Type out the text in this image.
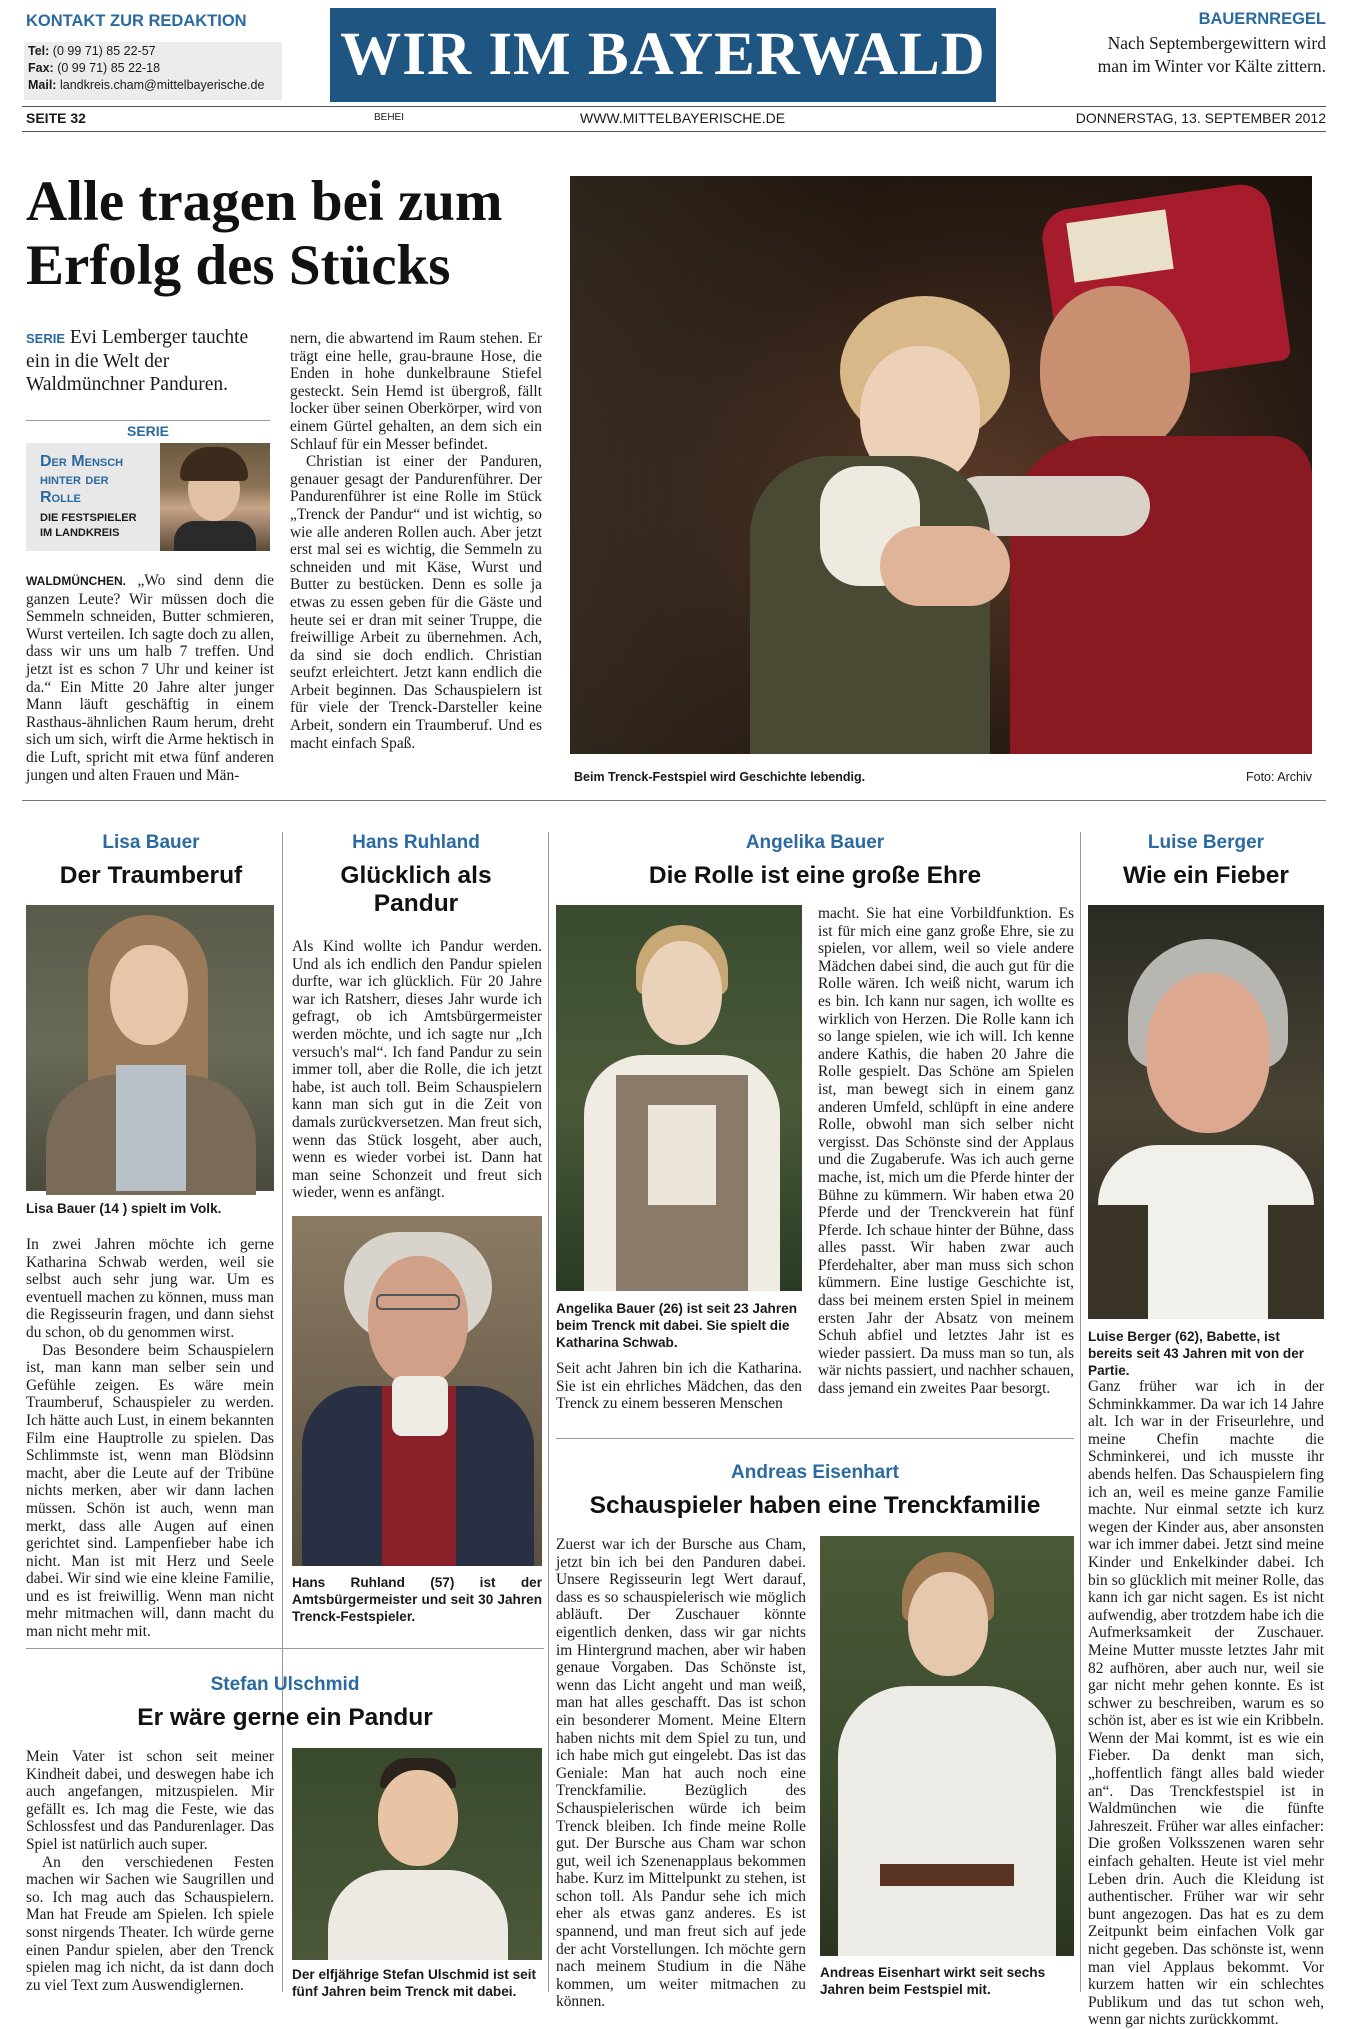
KONTAKT ZUR REDAKTION
Tel: (0 99 71) 85 22-57
Fax: (0 99 71) 85 22-18
Mail: landkreis.cham@mittelbayerische.de WIR IM BAYERWALD
BAUERNREGEL
Nach Septembergewittern wird man im Winter vor Kälte zittern.
SEITE 32	BEHEI	WWW.MITTELBAYERISCHE.DE	DONNERSTAG, 13. SEPTEMBER 2012
Alle tragen bei zum Erfolg des Stücks
SERIE Evi Lemberger tauchte ein in die Welt der Waldmünchner Panduren.
SERIE
Der Mensch hinter der Rolle
DIE FESTSPIELER IM LANDKREIS

WALDMÜNCHEN. „Wo sind denn die ganzen Leute? Wir müssen doch die Semmeln schneiden, Butter schmieren, Wurst verteilen. Ich sagte doch zu allen, dass wir uns um halb 7 treffen. Und jetzt ist es schon 7 Uhr und keiner ist da.“ Ein Mitte 20 Jahre alter junger Mann läuft geschäftig in einem Rasthaus-ähnlichen Raum herum, dreht sich um sich, wirft die Arme hektisch in die Luft, spricht mit etwa fünf anderen jungen und alten Frauen und Män-

nern, die abwartend im Raum stehen. Er trägt eine helle, grau-braune Hose, die Enden in hohe dunkelbraune Stiefel gesteckt. Sein Hemd ist übergroß, fällt locker über seinen Oberkörper, wird von einem Gürtel gehalten, an dem sich ein Schlauf für ein Messer befindet.

Christian ist einer der Panduren, genauer gesagt der Pandurenführer. Der Pandurenführer ist eine Rolle im Stück „Trenck der Pandur“ und ist wichtig, so wie alle anderen Rollen auch. Aber jetzt erst mal sei es wichtig, die Semmeln zu schneiden und mit Käse, Wurst und Butter zu bestücken. Denn es solle ja etwas zu essen geben für die Gäste und heute sei er dran mit seiner Truppe, die freiwillige Arbeit zu übernehmen. Ach, da sind sie doch endlich. Christian seufzt erleichtert. Jetzt kann endlich die Arbeit beginnen. Das Schauspielern ist für viele der Trenck-Darsteller keine Arbeit, sondern ein Traumberuf. Und es macht einfach Spaß.

Beim Trenck-Festspiel wird Geschichte lebendig.	Foto: Archiv
Lisa Bauer
Der Traumberuf
Lisa Bauer (14 ) spielt im Volk.

In zwei Jahren möchte ich gerne Katharina Schwab werden, weil sie selbst auch sehr jung war. Um es eventuell machen zu können, muss man die Regisseurin fragen, und dann siehst du schon, ob du genommen wirst.

Das Besondere beim Schauspielern ist, man kann man selber sein und Gefühle zeigen. Es wäre mein Traumberuf, Schauspieler zu werden. Ich hätte auch Lust, in einem bekannten Film eine Hauptrolle zu spielen. Das Schlimmste ist, wenn man Blödsinn macht, aber die Leute auf der Tribüne nichts merken, aber wir dann lachen müssen. Schön ist auch, wenn man merkt, dass alle Augen auf einen gerichtet sind. Lampenfieber habe ich nicht. Man ist mit Herz und Seele dabei. Wir sind wie eine kleine Familie, und es ist freiwillig. Wenn man nicht mehr mitmachen will, dann macht du man nicht mehr mit.

Hans Ruhland
Glücklich als Pandur

Als Kind wollte ich Pandur werden. Und als ich endlich den Pandur spielen durfte, war ich glücklich. Für 20 Jahre war ich Ratsherr, dieses Jahr wurde ich gefragt, ob ich Amtsbürgermeister werden möchte, und ich sagte nur „Ich versuch's mal“. Ich fand Pandur zu sein immer toll, aber die Rolle, die ich jetzt habe, ist auch toll. Beim Schauspielern kann man sich gut in die Zeit von damals zurückversetzen. Man freut sich, wenn das Stück losgeht, aber auch, wenn es wieder vorbei ist. Dann hat man seine Schonzeit und freut sich wieder, wenn es anfängt.

Hans Ruhland (57) ist der Amtsbürgermeister und seit 30 Jahren Trenck-Festspieler.
Angelika Bauer
Die Rolle ist eine große Ehre
Angelika Bauer (26) ist seit 23 Jahren beim Trenck mit dabei. Sie spielt die Katharina Schwab.

Seit acht Jahren bin ich die Katharina. Sie ist ein ehrliches Mädchen, das den Trenck zu einem besseren Menschen

macht. Sie hat eine Vorbildfunktion. Es ist für mich eine ganz große Ehre, sie zu spielen, vor allem, weil so viele andere Mädchen dabei sind, die auch gut für die Rolle wären. Ich weiß nicht, warum ich es bin. Ich kann nur sagen, ich wollte es wirklich von Herzen. Die Rolle kann ich so lange spielen, wie ich will. Ich kenne andere Kathis, die haben 20 Jahre die Rolle gespielt. Das Schöne am Spielen ist, man bewegt sich in einem ganz anderen Umfeld, schlüpft in eine andere Rolle, obwohl man sich selber nicht vergisst. Das Schönste sind der Applaus und die Zugaberufe. Was ich auch gerne mache, ist, mich um die Pferde hinter der Bühne zu kümmern. Wir haben etwa 20 Pferde und der Trenckverein hat fünf Pferde. Ich schaue hinter der Bühne, dass alles passt. Wir haben zwar auch Pferdehalter, aber man muss sich schon kümmern. Eine lustige Geschichte ist, dass bei meinem ersten Spiel in meinem ersten Jahr der Absatz von meinem Schuh abfiel und letztes Jahr ist es wieder passiert. Da muss man so tun, als wär nichts passiert, und nachher schauen, dass jemand ein zweites Paar besorgt.

Andreas Eisenhart
Schauspieler haben eine Trenckfamilie

Zuerst war ich der Bursche aus Cham, jetzt bin ich bei den Panduren dabei. Unsere Regisseurin legt Wert darauf, dass es so schauspielerisch wie möglich abläuft. Der Zuschauer könnte eigentlich denken, dass wir gar nichts im Hintergrund machen, aber wir haben genaue Vorgaben. Das Schönste ist, wenn das Licht angeht und man weiß, man hat alles geschafft. Das ist schon ein besonderer Moment. Meine Eltern haben nichts mit dem Spiel zu tun, und ich habe mich gut eingelebt. Das ist das Geniale: Man hat auch noch eine Trenckfamilie. Bezüglich des Schauspielerischen würde ich beim Trenck bleiben. Ich finde meine Rolle gut. Der Bursche aus Cham war schon gut, weil ich Szenenapplaus bekommen habe. Kurz im Mittelpunkt zu stehen, ist schon toll. Als Pandur sehe ich mich eher als etwas ganz anderes. Es ist spannend, und man freut sich auf jede der acht Vorstellungen. Ich möchte gern nach meinem Studium in die Nähe kommen, um weiter mitmachen zu können.

Andreas Eisenhart wirkt seit sechs Jahren beim Festspiel mit.
Stefan Ulschmid
Er wäre gerne ein Pandur

Mein Vater ist schon seit meiner Kindheit dabei, und deswegen habe ich auch angefangen, mitzuspielen. Mir gefällt es. Ich mag die Feste, wie das Schlossfest und das Pandurenlager. Das Spiel ist natürlich auch super.

An den verschiedenen Festen machen wir Sachen wie Saugrillen und so. Ich mag auch das Schauspielern. Man hat Freude am Spielen. Ich spiele sonst nirgends Theater. Ich würde gerne einen Pandur spielen, aber den Trenck spielen mag ich nicht, da ist dann doch zu viel Text zum Auswendiglernen.

Der elfjährige Stefan Ulschmid ist seit fünf Jahren beim Trenck mit dabei.
Luise Berger
Wie ein Fieber
Luise Berger (62), Babette, ist bereits seit 43 Jahren mit von der Partie.

Ganz früher war ich in der Schminkkammer. Da war ich 14 Jahre alt. Ich war in der Friseurlehre, und meine Chefin machte die Schminkerei, und ich musste ihr abends helfen. Das Schauspielern fing ich an, weil es meine ganze Familie machte. Nur einmal setzte ich kurz wegen der Kinder aus, aber ansonsten war ich immer dabei. Jetzt sind meine Kinder und Enkelkinder dabei. Ich bin so glücklich mit meiner Rolle, das kann ich gar nicht sagen. Es ist nicht aufwendig, aber trotzdem habe ich die Aufmerksamkeit der Zuschauer. Meine Mutter musste letztes Jahr mit 82 aufhören, aber auch nur, weil sie gar nicht mehr gehen konnte. Es ist schwer zu beschreiben, warum es so schön ist, aber es ist wie ein Kribbeln. Wenn der Mai kommt, ist es wie ein Fieber. Da denkt man sich, „hoffentlich fängt alles bald wieder an“. Das Trenckfestspiel ist in Waldmünchen wie die fünfte Jahreszeit. Früher war alles einfacher: Die großen Volksszenen waren sehr einfach gehalten. Heute ist viel mehr Leben drin. Auch die Kleidung ist authentischer. Früher war wir sehr bunt angezogen. Das hat es zu dem Zeitpunkt beim einfachen Volk gar nicht gegeben. Das schönste ist, wenn man viel Applaus bekommt. Vor kurzem hatten wir ein schlechtes Publikum und das tut schon weh, wenn gar nichts zurückkommt.
